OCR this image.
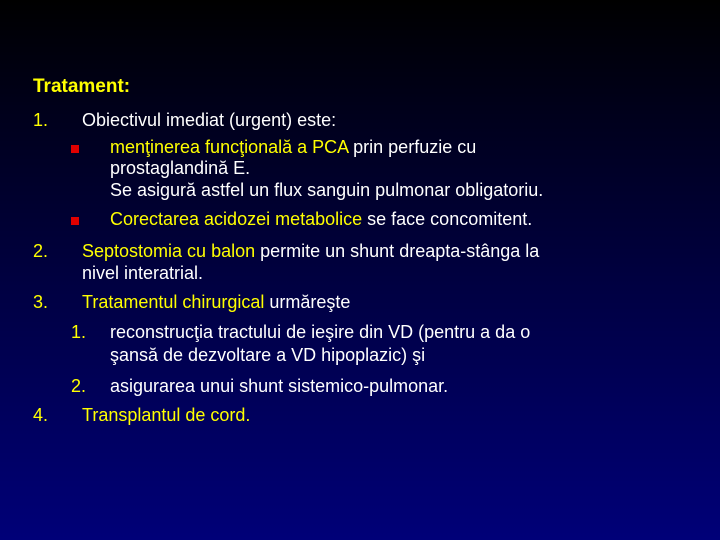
Tratament:
1. Obiectivul imediat (urgent) este:
menţinerea funcţională a PCA prin perfuzie cu
prostaglandină E.
Se asigură astfel un flux sanguin pulmonar obligatoriu.
Corectarea acidozei metabolice se face concomitent.
2. Septostomia cu balon permite un shunt dreapta-stânga la
nivel interatrial.
3. Tratamentul chirurgical urmăreşte
1. reconstrucţia tractului de ieşire din VD (pentru a da o
şansă de dezvoltare a VD hipoplazic) şi
2. asigurarea unui shunt sistemico-pulmonar.
4. Transplantul de cord.
